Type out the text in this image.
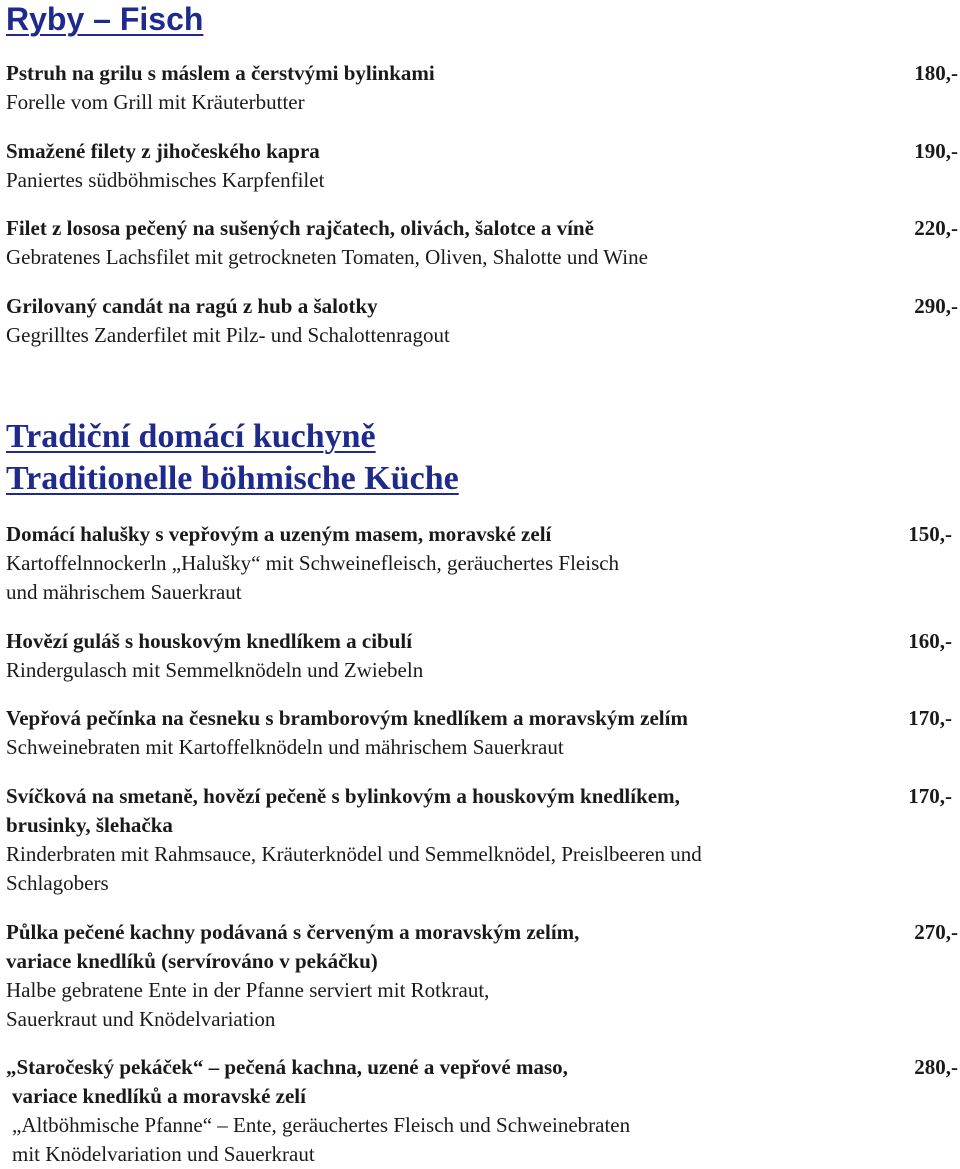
Ryby – Fisch
Pstruh na grilu s máslem a čerstvými bylinkami	180,-
Forelle vom Grill mit Kräuterbutter
Smažené filety z jihočeského kapra	190,-
Paniertes südböhmisches Karpfenfilet
Filet z lososa pečený na sušených rajčatech, olivách, šalotce a víně	220,-
Gebratenes Lachsfilet mit getrockneten Tomaten, Oliven, Shalotte und Wine
Grilovaný candát na ragú z hub a šalotky	290,-
Gegrilltes Zanderfilet mit Pilz- und Schalottenragout
Tradiční domácí kuchyně
Traditionelle böhmische Küche
Domácí halušky s vepřovým a uzeným masem, moravské zelí	150,-
Kartoffelnnockerln „Halušky“ mit Schweinefleisch, geräuchertes Fleisch
und mährischem Sauerkraut
Hovězí guláš s houskovým knedlíkem a cibulí	160,-
Rindergulasch mit Semmelknödeln und Zwiebeln
Vepřová pečínka na česneku s bramborovým knedlíkem a moravským zelím	170,-
Schweinebraten mit Kartoffelknödeln und mährischem Sauerkraut
Svíčková na smetaně, hovězí pečeně s bylinkovým a houskovým knedlíkem,	170,-
brusinky, šlehačka
Rinderbraten mit Rahmsauce, Kräuterknödel und Semmelknödel, Preislbeeren und
Schlagobers
Půlka pečené kachny podávaná s červeným a moravským zelím,	270,-
variace knedlíků (servírováno v pekáčku)
Halbe gebratene Ente in der Pfanne serviert mit Rotkraut,
Sauerkraut und Knödelvariation
„Staročeský pekáček“ – pečená kachna, uzené a vepřové maso,	280,-
variace knedlíků a moravské zelí
„Altböhmische Pfanne“ – Ente, geräuchertes Fleisch und Schweinebraten
mit Knödelvariation und Sauerkraut
